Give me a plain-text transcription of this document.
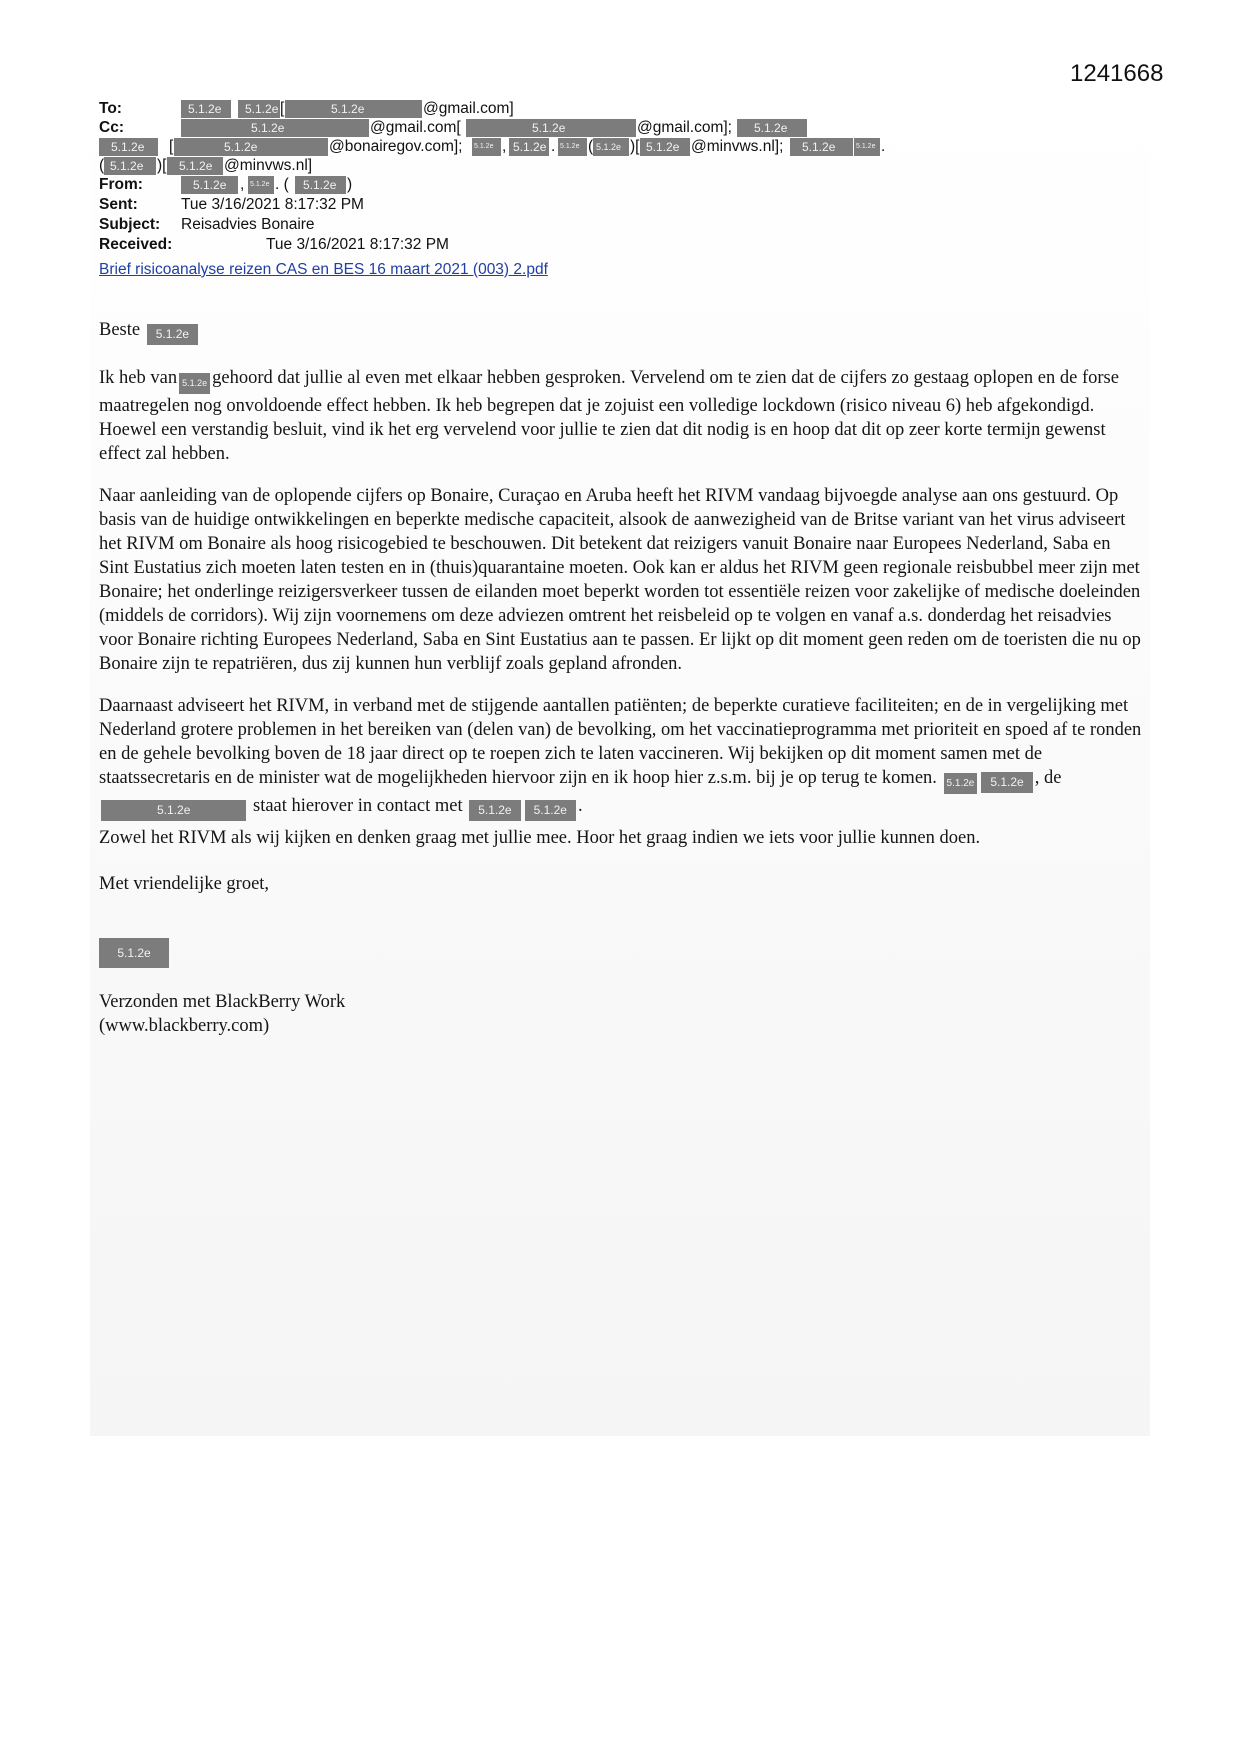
1241668
To:	5.1.2e	5.1.2e [	5.1.2e	@gmail.com]
Cc:	5.1.2e	@gmail.com[	5.1.2e	@gmail.com];	5.1.2e
5.1.2e	[	5.1.2e	@bonairegov.com]; 5.1.2e , 5.1.2e . 5.1.2e ( 5.1.2e )[ 5.1.2e @minvws.nl];	5.1.2e	5.1.2e .
( 5.1.2e )[	5.1.2e @minvws.nl]
From:	5.1.2e , 5.1.2e . (	5.1.2e )
Sent:	Tue 3/16/2021 8:17:32 PM
Subject: Reisadvies Bonaire
Received:	Tue 3/16/2021 8:17:32 PM
Brief risicoanalyse reizen CAS en BES 16 maart 2021 (003) 2.pdf

Beste 5.1.2e

Ik heb van 5.1.2e gehoord dat jullie al even met elkaar hebben gesproken. Vervelend om te zien dat de cijfers zo gestaag oplopen en de forse maatregelen nog onvoldoende effect hebben. Ik heb begrepen dat je zojuist een volledige lockdown (risico niveau 6) heb afgekondigd. Hoewel een verstandig besluit, vind ik het erg vervelend voor jullie te zien dat dit nodig is en hoop dat dit op zeer korte termijn gewenst effect zal hebben.

Naar aanleiding van de oplopende cijfers op Bonaire, Curaçao en Aruba heeft het RIVM vandaag bijvoegde analyse aan ons gestuurd. Op basis van de huidige ontwikkelingen en beperkte medische capaciteit, alsook de aanwezigheid van de Britse variant van het virus adviseert het RIVM om Bonaire als hoog risicogebied te beschouwen. Dit betekent dat reizigers vanuit Bonaire naar Europees Nederland, Saba en Sint Eustatius zich moeten laten testen en in (thuis)quarantaine moeten. Ook kan er aldus het RIVM geen regionale reisbubbel meer zijn met Bonaire; het onderlinge reizigersverkeer tussen de eilanden moet beperkt worden tot essentiële reizen voor zakelijke of medische doeleinden (middels de corridors). Wij zijn voornemens om deze adviezen omtrent het reisbeleid op te volgen en vanaf a.s. donderdag het reisadvies voor Bonaire richting Europees Nederland, Saba en Sint Eustatius aan te passen. Er lijkt op dit moment geen reden om de toeristen die nu op Bonaire zijn te repatriëren, dus zij kunnen hun verblijf zoals gepland afronden.

Daarnaast adviseert het RIVM, in verband met de stijgende aantallen patiënten; de beperkte curatieve faciliteiten; en de in vergelijking met Nederland grotere problemen in het bereiken van (delen van) de bevolking, om het vaccinatieprogramma met prioriteit en spoed af te ronden en de gehele bevolking boven de 18 jaar direct op te roepen zich te laten vaccineren. Wij bekijken op dit moment samen met de staatssecretaris en de minister wat de mogelijkheden hiervoor zijn en ik hoop hier z.s.m. bij je op terug te komen. 5.1.2e 5.1.2e , de 5.1.2e	staat hierover in contact met 5.1.2e 5.1.2e .

Zowel het RIVM als wij kijken en denken graag met jullie mee. Hoor het graag indien we iets voor jullie kunnen doen.

Met vriendelijke groet,

5.1.2e

Verzonden met BlackBerry Work

(www.blackberry.com)
